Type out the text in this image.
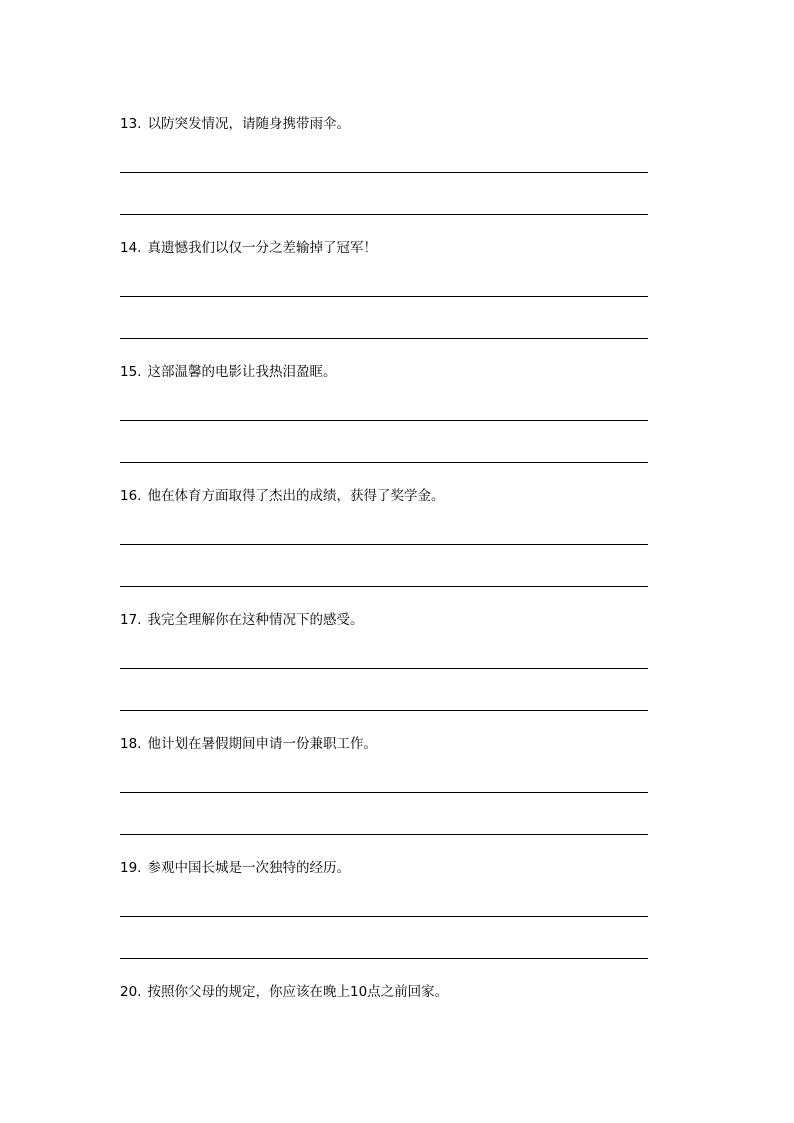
13. 以防突发情况，请随身携带雨伞。
14. 真遗憾我们以仅一分之差输掉了冠军！
15. 这部温馨的电影让我热泪盈眶。
16. 他在体育方面取得了杰出的成绩，获得了奖学金。
17. 我完全理解你在这种情况下的感受。
18. 他计划在暑假期间申请一份兼职工作。
19. 参观中国长城是一次独特的经历。
20. 按照你父母的规定，你应该在晚上10点之前回家。
